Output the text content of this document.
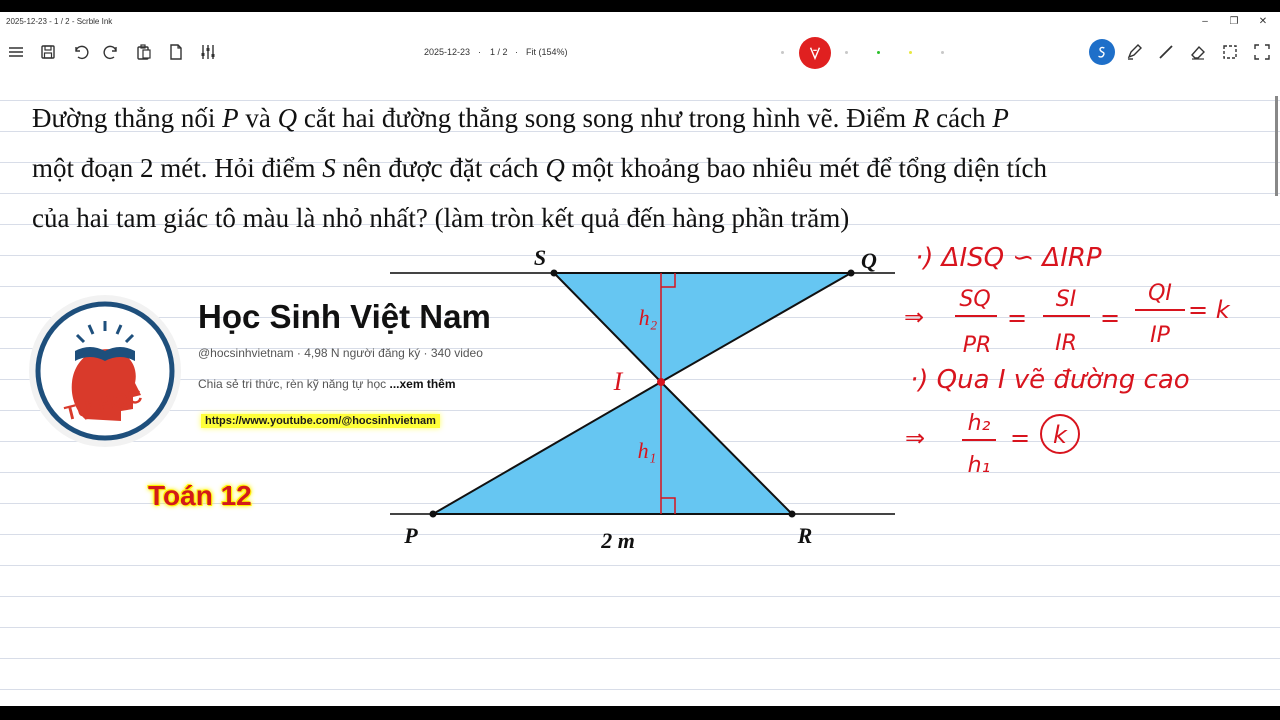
2025-12-23 - 1 / 2 - Scrble Ink	–	❐ ✕
2025-12-23 · 1 / 2 · Fit (154%)
Đường thẳng nối P và Q cắt hai đường thẳng song song như trong hình vẽ. Điểm R cách P
một đoạn 2 mét. Hỏi điểm S nên được đặt cách Q một khoảng bao nhiêu mét để tổng diện tích
của hai tam giác tô màu là nhỏ nhất? (làm tròn kết quả đến hàng phần trăm)
TỰ HỌC
Học Sinh Việt Nam
@hocsinhvietnam · 4,98 N người đăng ký · 340 video
Chia sẻ tri thức, rèn kỹ năng tự học ...xem thêm
https://www.youtube.com/@hocsinhvietnam
Toán 12
S	Q
P	R
I
h₂
h₁
2 m
·) ΔISQ ∽ ΔIRP
⇒
SQ
PR
=
SI
IR
=
QI
IP
= k
·) Qua I vẽ đường cao
⇒
h₂
h₁
= k
